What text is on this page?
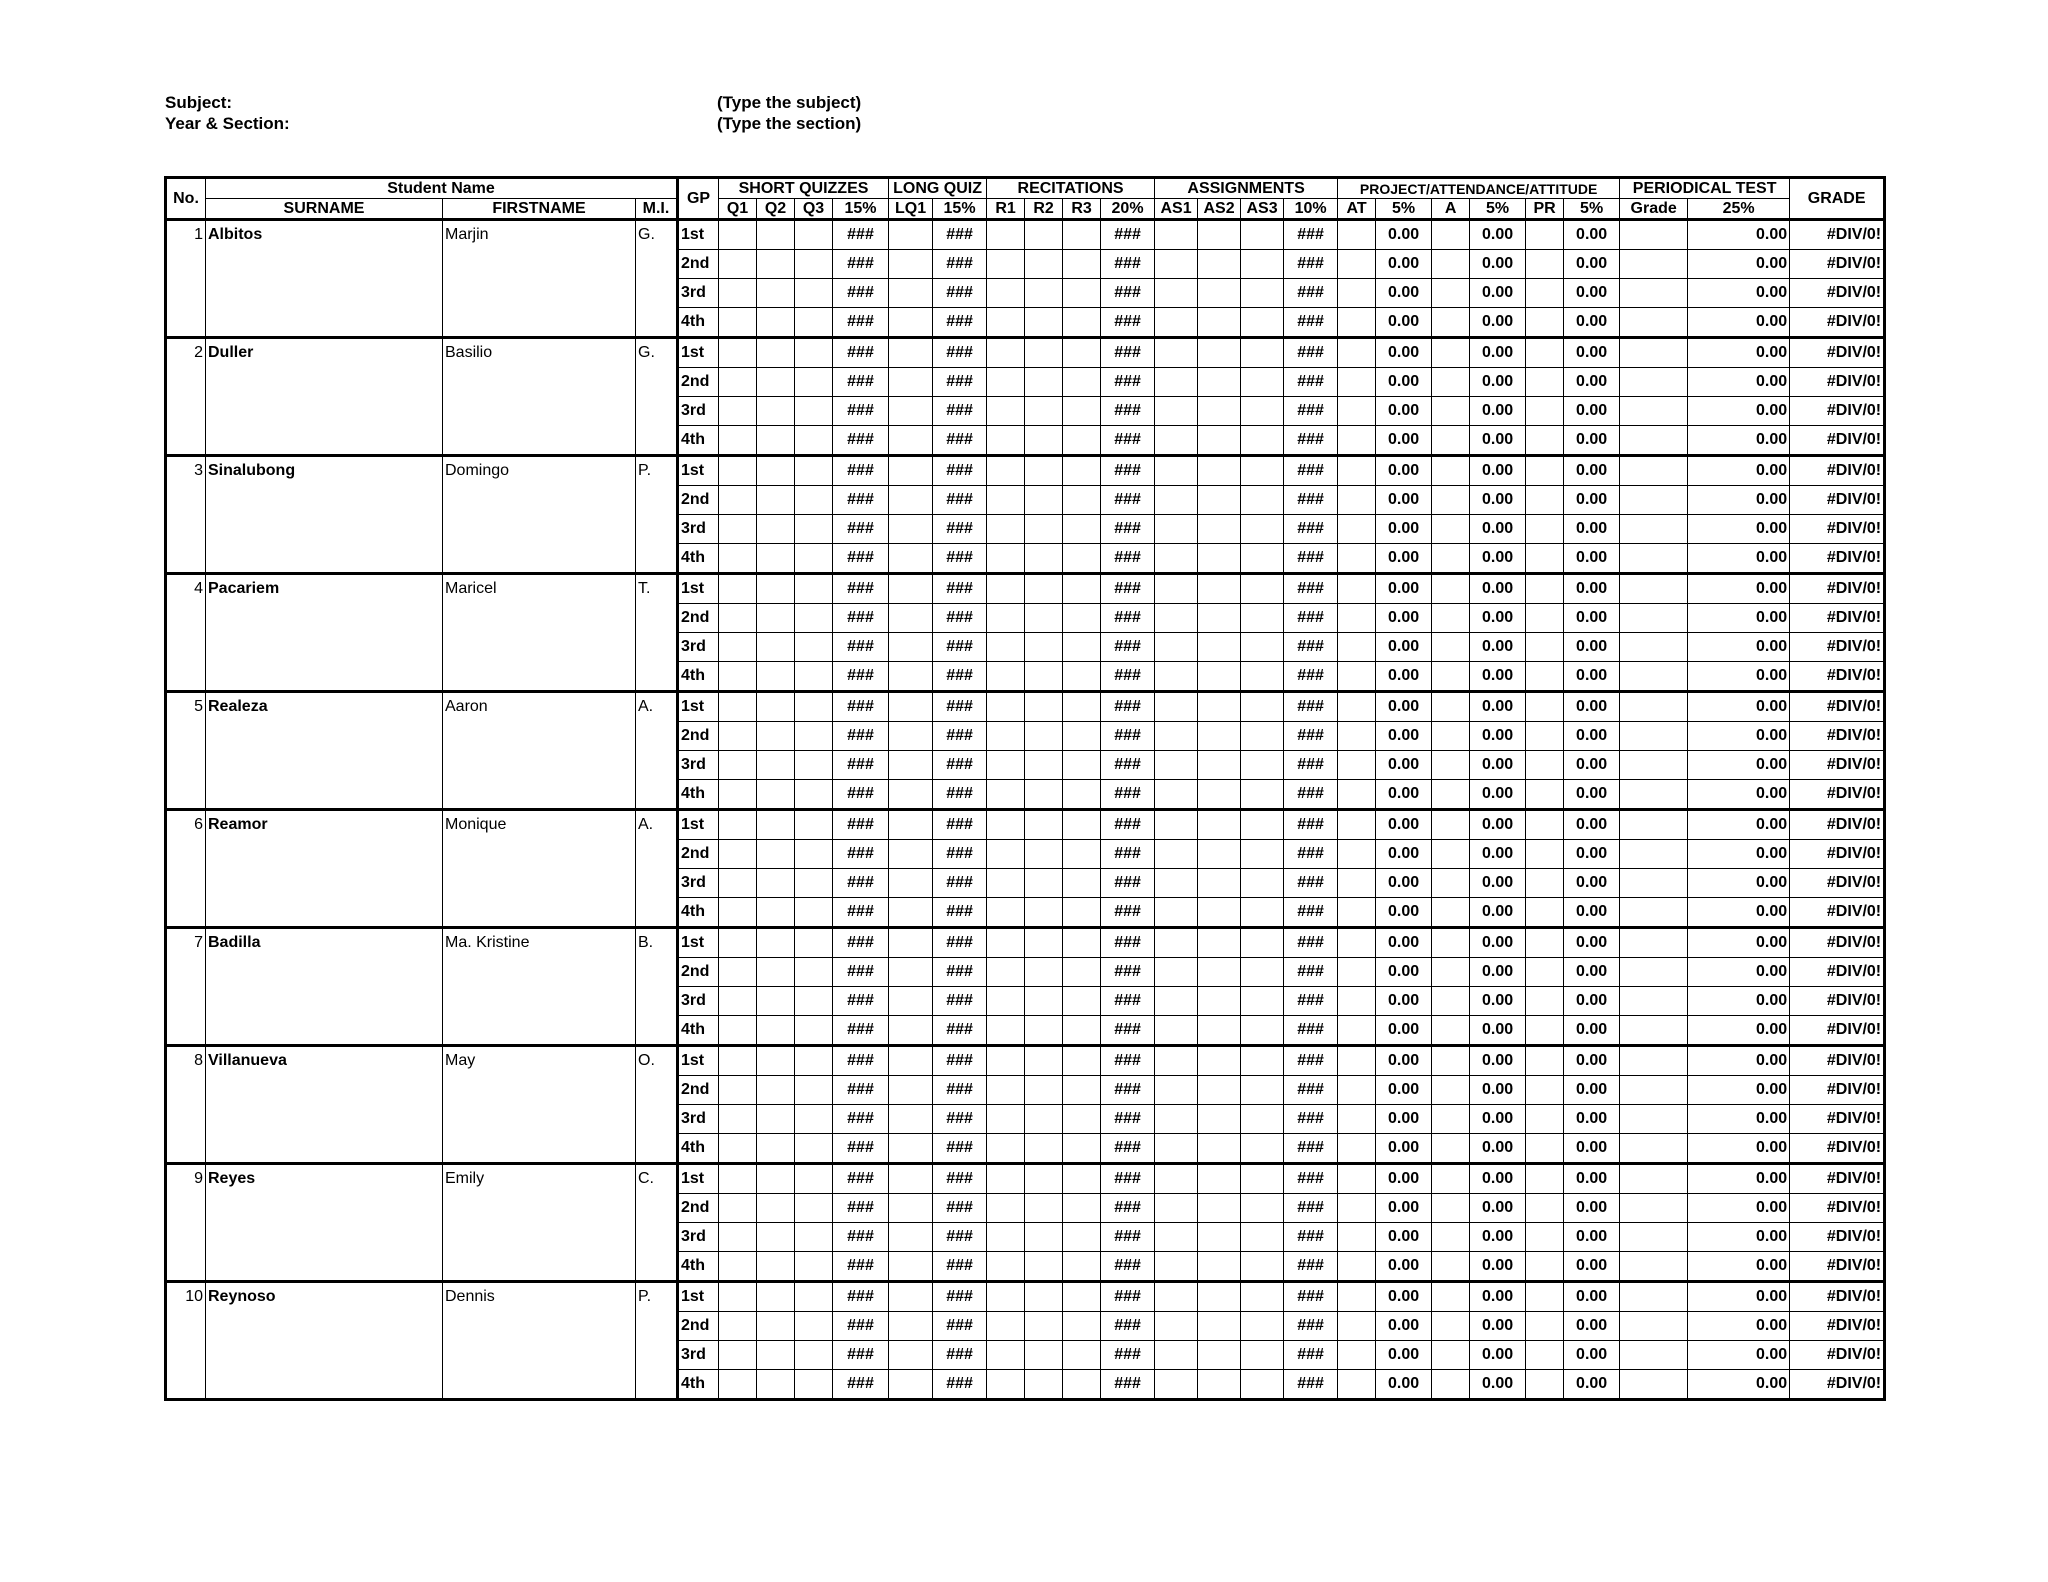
Subject:
Year & Section:
(Type the subject)
(Type the section)
No.	Student Name			GP	SHORT QUIZZES				LONG QUIZ		RECITATIONS				ASSIGNMENTS				PROJECT/ATTENDANCE/ATTITUDE						PERIODICAL TEST		GRADE
	SURNAME	FIRSTNAME	M.I.		Q1	Q2	Q3	15%	LQ1	15%	R1	R2	R3	20%	AS1	AS2	AS3	10%	AT	5%	A	5%	PR	5%	Grade	25%	
1	Albitos	Marjin	G.	1st				###		###				###				###		0.00		0.00		0.00		0.00	#DIV/0!
				2nd				###		###				###				###		0.00		0.00		0.00		0.00	#DIV/0!
				3rd				###		###				###				###		0.00		0.00		0.00		0.00	#DIV/0!
				4th				###		###				###				###		0.00		0.00		0.00		0.00	#DIV/0!
2	Duller	Basilio	G.	1st				###		###				###				###		0.00		0.00		0.00		0.00	#DIV/0!
				2nd				###		###				###				###		0.00		0.00		0.00		0.00	#DIV/0!
				3rd				###		###				###				###		0.00		0.00		0.00		0.00	#DIV/0!
				4th				###		###				###				###		0.00		0.00		0.00		0.00	#DIV/0!
3	Sinalubong	Domingo	P.	1st				###		###				###				###		0.00		0.00		0.00		0.00	#DIV/0!
				2nd				###		###				###				###		0.00		0.00		0.00		0.00	#DIV/0!
				3rd				###		###				###				###		0.00		0.00		0.00		0.00	#DIV/0!
				4th				###		###				###				###		0.00		0.00		0.00		0.00	#DIV/0!
4	Pacariem	Maricel	T.	1st				###		###				###				###		0.00		0.00		0.00		0.00	#DIV/0!
				2nd				###		###				###				###		0.00		0.00		0.00		0.00	#DIV/0!
				3rd				###		###				###				###		0.00		0.00		0.00		0.00	#DIV/0!
				4th				###		###				###				###		0.00		0.00		0.00		0.00	#DIV/0!
5	Realeza	Aaron	A.	1st				###		###				###				###		0.00		0.00		0.00		0.00	#DIV/0!
				2nd				###		###				###				###		0.00		0.00		0.00		0.00	#DIV/0!
				3rd				###		###				###				###		0.00		0.00		0.00		0.00	#DIV/0!
				4th				###		###				###				###		0.00		0.00		0.00		0.00	#DIV/0!
6	Reamor	Monique	A.	1st				###		###				###				###		0.00		0.00		0.00		0.00	#DIV/0!
				2nd				###		###				###				###		0.00		0.00		0.00		0.00	#DIV/0!
				3rd				###		###				###				###		0.00		0.00		0.00		0.00	#DIV/0!
				4th				###		###				###				###		0.00		0.00		0.00		0.00	#DIV/0!
7	Badilla	Ma. Kristine	B.	1st				###		###				###				###		0.00		0.00		0.00		0.00	#DIV/0!
				2nd				###		###				###				###		0.00		0.00		0.00		0.00	#DIV/0!
				3rd				###		###				###				###		0.00		0.00		0.00		0.00	#DIV/0!
				4th				###		###				###				###		0.00		0.00		0.00		0.00	#DIV/0!
8	Villanueva	May	O.	1st				###		###				###				###		0.00		0.00		0.00		0.00	#DIV/0!
				2nd				###		###				###				###		0.00		0.00		0.00		0.00	#DIV/0!
				3rd				###		###				###				###		0.00		0.00		0.00		0.00	#DIV/0!
				4th				###		###				###				###		0.00		0.00		0.00		0.00	#DIV/0!
9	Reyes	Emily	C.	1st				###		###				###				###		0.00		0.00		0.00		0.00	#DIV/0!
				2nd				###		###				###				###		0.00		0.00		0.00		0.00	#DIV/0!
				3rd				###		###				###				###		0.00		0.00		0.00		0.00	#DIV/0!
				4th				###		###				###				###		0.00		0.00		0.00		0.00	#DIV/0!
10	Reynoso	Dennis	P.	1st				###		###				###				###		0.00		0.00		0.00		0.00	#DIV/0!
				2nd				###		###				###				###		0.00		0.00		0.00		0.00	#DIV/0!
				3rd				###		###				###				###		0.00		0.00		0.00		0.00	#DIV/0!
				4th				###		###				###				###		0.00		0.00		0.00		0.00	#DIV/0!
